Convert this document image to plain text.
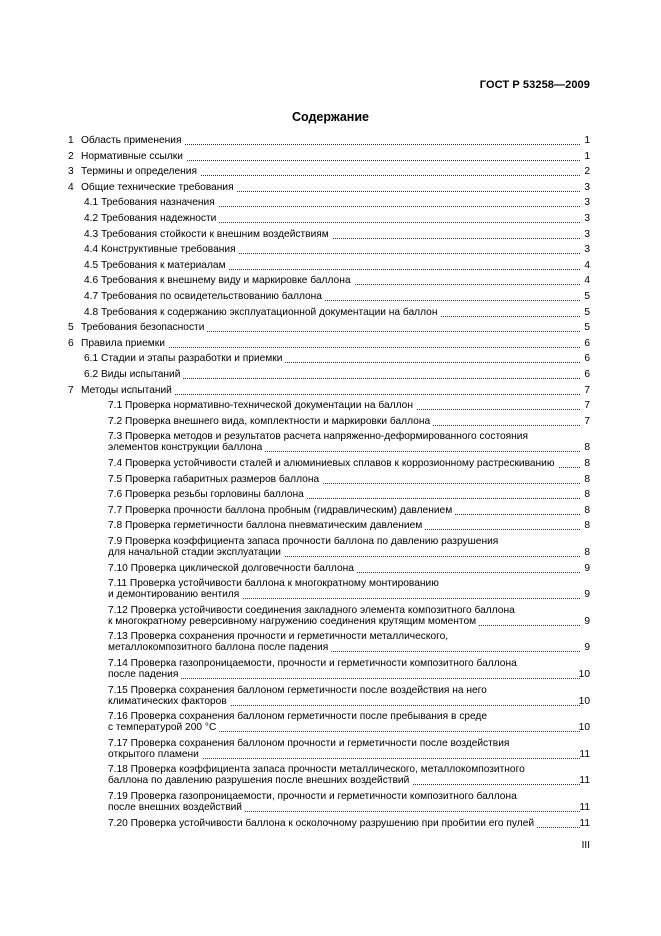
ГОСТ Р 53258—2009
Содержание
1 Область применения	1
2 Нормативные ссылки	1
3 Термины и определения	2
4 Общие технические требования	3
4.1 Требования назначения	3
4.2 Требования надежности	3
4.3 Требования стойкости к внешним воздействиям	3
4.4 Конструктивные требования	3
4.5 Требования к материалам	4
4.6 Требования к внешнему виду и маркировке баллона	4
4.7 Требования по освидетельствованию баллона	5
4.8 Требования к содержанию эксплуатационной документации на баллон	5
5 Требования безопасности	5
6 Правила приемки	6
6.1 Стадии и этапы разработки и приемки	6
6.2 Виды испытаний	6
7 Методы испытаний	7
7.1 Проверка нормативно-технической документации на баллон	7
7.2 Проверка внешнего вида, комплектности и маркировки баллона	7
7.3 Проверка методов и результатов расчета напряженно-деформированного состояния
элементов конструкции баллона	8
7.4 Проверка устойчивости сталей и алюминиевых сплавов к коррозионному растрескиванию	8
7.5 Проверка габаритных размеров баллона	8
7.6 Проверка резьбы горловины баллона	8
7.7 Проверка прочности баллона пробным (гидравлическим) давлением	8
7.8 Проверка герметичности баллона пневматическим давлением	8
7.9 Проверка коэффициента запаса прочности баллона по давлению разрушения
для начальной стадии эксплуатации	8
7.10 Проверка циклической долговечности баллона	9
7.11 Проверка устойчивости баллона к многократному монтированию
и демонтированию вентиля	9
7.12 Проверка устойчивости соединения закладного элемента композитного баллона
к многократному реверсивному нагружению соединения крутящим моментом	9
7.13 Проверка сохранения прочности и герметичности металлического,
металлокомпозитного баллона после падения	9
7.14 Проверка газопроницаемости, прочности и герметичности композитного баллона
после падения	10
7.15 Проверка сохранения баллоном герметичности после воздействия на него
климатических факторов	10
7.16 Проверка сохранения баллоном герметичности после пребывания в среде
с температурой 200 °С	10
7.17 Проверка сохранения баллоном прочности и герметичности после воздействия
открытого пламени	11
7.18 Проверка коэффициента запаса прочности металлического, металлокомпозитного
баллона по давлению разрушения после внешних воздействий	11
7.19 Проверка газопроницаемости, прочности и герметичности композитного баллона
после внешних воздействий	11
7.20 Проверка устойчивости баллона к осколочному разрушению при пробитии его пулей	11
III
